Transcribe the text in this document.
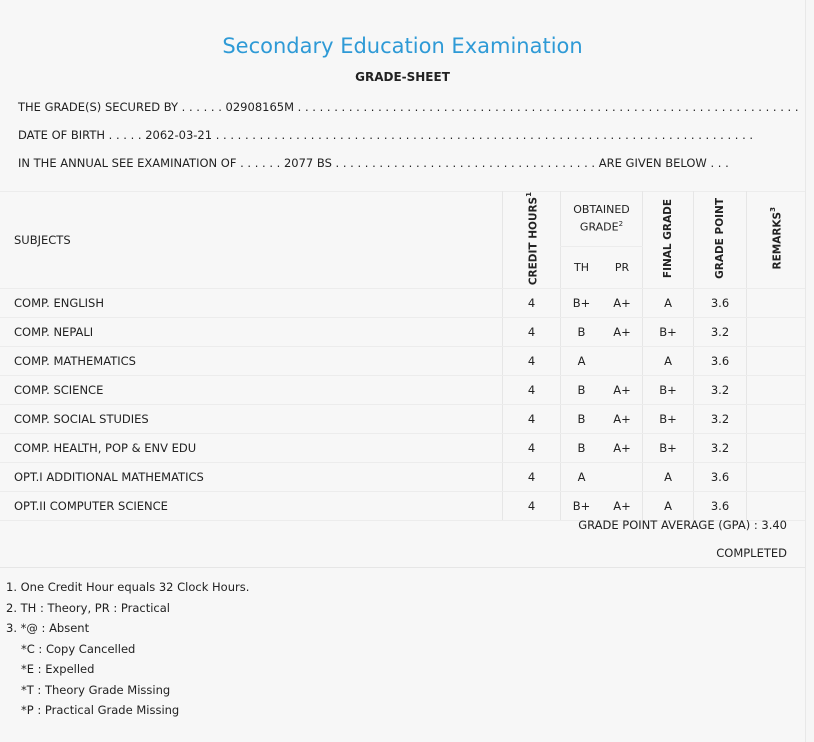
Secondary Education Examination
GRADE-SHEET
THE GRADE(S) SECURED BY . . . . . . 02908165M . . . . . . . . . . . . . . . . . . . . . . . . . . . . . . . . . . . . . . . . . . . . . . . . . . . . . . . . . . . . . . . . . . . . .
DATE OF BIRTH . . . . . 2062-03-21 . . . . . . . . . . . . . . . . . . . . . . . . . . . . . . . . . . . . . . . . . . . . . . . . . . . . . . . . . . . . . . . . . . . . . . . . . .
IN THE ANNUAL SEE EXAMINATION OF . . . . . . 2077 BS . . . . . . . . . . . . . . . . . . . . . . . . . . . . . . . . . . . . ARE GIVEN BELOW . . .
SUBJECTS	CREDIT HOURS$^1$	OBTAINED GRADE$^2$		FINAL GRADE	GRADE POINT	REMARKS$^3$
		TH	PR			
COMP. ENGLISH	4	B+	A+	A	3.6	
COMP. NEPALI	4	B	A+	B+	3.2	
COMP. MATHEMATICS	4	A		A	3.6	
COMP. SCIENCE	4	B	A+	B+	3.2	
COMP. SOCIAL STUDIES	4	B	A+	B+	3.2	
COMP. HEALTH, POP & ENV EDU	4	B	A+	B+	3.2	
OPT.I ADDITIONAL MATHEMATICS	4	A		A	3.6	
OPT.II COMPUTER SCIENCE	4	B+	A+	A	3.6	
GRADE POINT AVERAGE (GPA) : 3.40
COMPLETED
1. One Credit Hour equals 32 Clock Hours.
2. TH : Theory, PR : Practical
3. *@ : Absent
*C : Copy Cancelled
*E : Expelled
*T : Theory Grade Missing
*P : Practical Grade Missing
